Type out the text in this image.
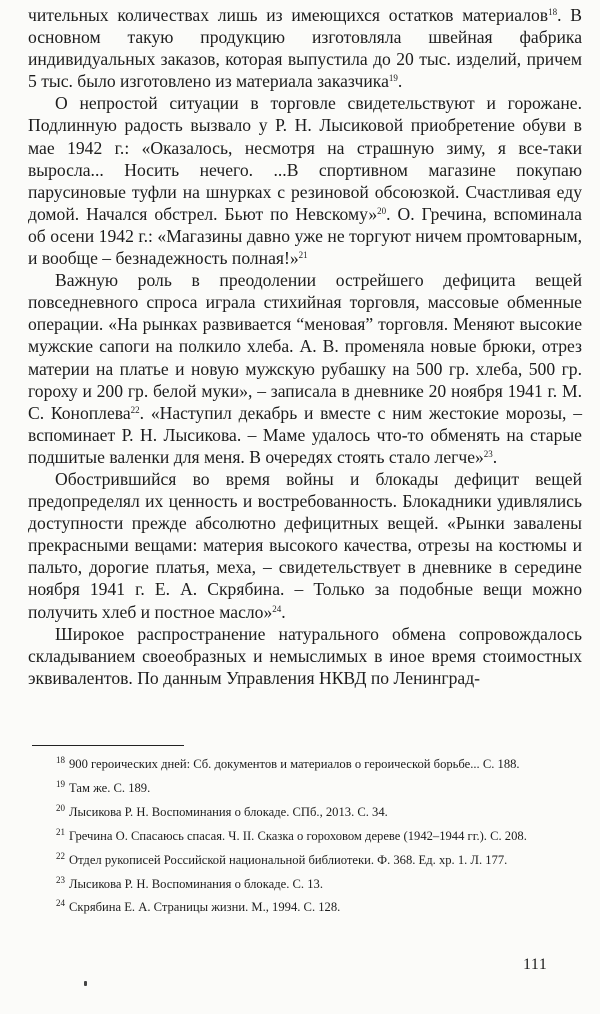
чительных количествах лишь из имеющихся остатков материалов$^{18}$. В основном такую продукцию изготовляла швейная фабрика индивидуальных заказов, которая выпустила до 20 тыс. изделий, причем 5 тыс. было изготовлено из материала заказчика$^{19}$.

О непростой ситуации в торговле свидетельствуют и горожане. Подлинную радость вызвало у Р. Н. Лысиковой приобретение обуви в мае 1942 г.: «Оказалось, несмотря на страшную зиму, я все-таки выросла... Носить нечего. ...В спортивном магазине покупаю парусиновые туфли на шнурках с резиновой обсоюзкой. Счастливая еду домой. Начался обстрел. Бьют по Невскому»$^{20}$. О. Гречина, вспоминала об осени 1942 г.: «Магазины давно уже не торгуют ничем промтоварным, и вообще – безнадежность полная!»$^{21}$

Важную роль в преодолении острейшего дефицита вещей повседневного спроса играла стихийная торговля, массовые обменные операции. «На рынках развивается “меновая” торговля. Меняют высокие мужские сапоги на полкило хлеба. А. В. променяла новые брюки, отрез материи на платье и новую мужскую рубашку на 500 гр. хлеба, 500 гр. гороху и 200 гр. белой муки», – записала в дневнике 20 ноября 1941 г. М. С. Коноплева$^{22}$. «Наступил декабрь и вместе с ним жестокие морозы, – вспоминает Р. Н. Лысикова. – Маме удалось что-то обменять на старые подшитые валенки для меня. В очередях стоять стало легче»$^{23}$.

Обострившийся во время войны и блокады дефицит вещей предопределял их ценность и востребованность. Блокадники удивлялись доступности прежде абсолютно дефицитных вещей. «Рынки завалены прекрасными вещами: материя высокого качества, отрезы на костюмы и пальто, дорогие платья, меха, – свидетельствует в дневнике в середине ноября 1941 г. Е. А. Скрябина. – Только за подобные вещи можно получить хлеб и постное масло»$^{24}$.

Широкое распространение натурального обмена сопровождалось складыванием своеобразных и немыслимых в иное время стоимостных эквивалентов. По данным Управления НКВД по Ленинград-

$^{18}$ 900 героических дней: Сб. документов и материалов о героической борьбе... С. 188.

$^{19}$ Там же. С. 189.

$^{20}$ Лысикова Р. Н. Воспоминания о блокаде. СПб., 2013. С. 34.

$^{21}$ Гречина О. Спасаюсь спасая. Ч. II. Сказка о гороховом дереве (1942–1944 гг.). С. 208.

$^{22}$ Отдел рукописей Российской национальной библиотеки. Ф. 368. Ед. хр. 1. Л. 177.

$^{23}$ Лысикова Р. Н. Воспоминания о блокаде. С. 13.

$^{24}$ Скрябина Е. А. Страницы жизни. М., 1994. С. 128.

111
